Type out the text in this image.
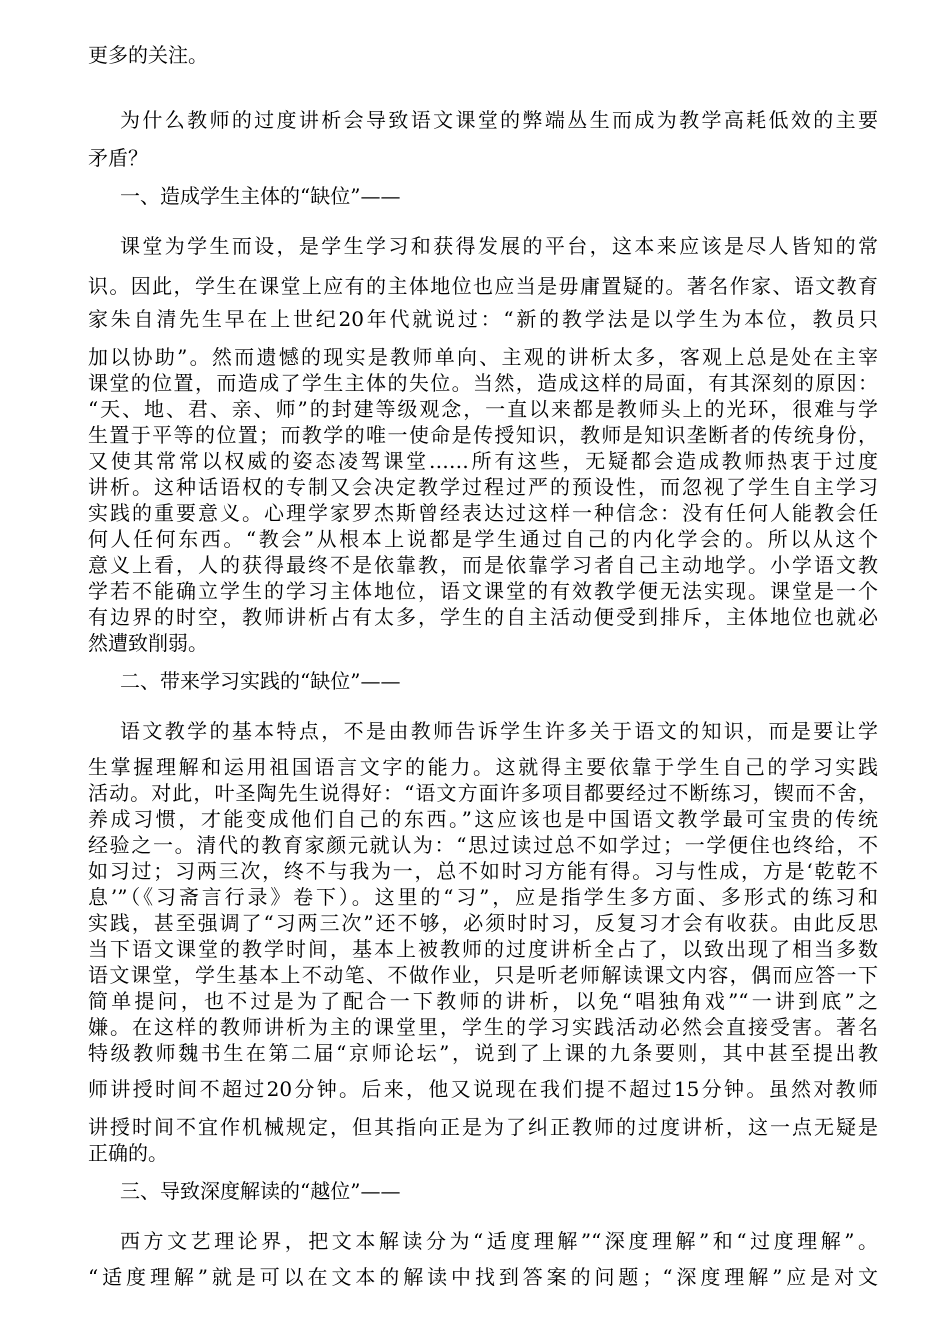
更多的关注。
为什么教师的过度讲析会导致语文课堂的弊端丛生而成为教学高耗低效的主要
矛盾？
一、造成学生主体的“缺位”——
课堂为学生而设，是学生学习和获得发展的平台，这本来应该是尽人皆知的常
识。因此，学生在课堂上应有的主体地位也应当是毋庸置疑的。著名作家、语文教育
家朱自清先生早在上世纪20年代就说过：“新的教学法是以学生为本位，教员只
加以协助”。然而遗憾的现实是教师单向、主观的讲析太多，客观上总是处在主宰
课堂的位置，而造成了学生主体的失位。当然，造成这样的局面，有其深刻的原因：
“天、地、君、亲、师”的封建等级观念，一直以来都是教师头上的光环，很难与学
生置于平等的位置；而教学的唯一使命是传授知识，教师是知识垄断者的传统身份，
又使其常常以权威的姿态凌驾课堂……所有这些，无疑都会造成教师热衷于过度
讲析。这种话语权的专制又会决定教学过程过严的预设性，而忽视了学生自主学习
实践的重要意义。心理学家罗杰斯曾经表达过这样一种信念：没有任何人能教会任
何人任何东西。“教会”从根本上说都是学生通过自己的内化学会的。所以从这个
意义上看，人的获得最终不是依靠教，而是依靠学习者自己主动地学。小学语文教
学若不能确立学生的学习主体地位，语文课堂的有效教学便无法实现。课堂是一个
有边界的时空，教师讲析占有太多，学生的自主活动便受到排斥，主体地位也就必
然遭致削弱。
二、带来学习实践的“缺位”——
语文教学的基本特点，不是由教师告诉学生许多关于语文的知识，而是要让学
生掌握理解和运用祖国语言文字的能力。这就得主要依靠于学生自己的学习实践
活动。对此，叶圣陶先生说得好：“语文方面许多项目都要经过不断练习，锲而不舍，
养成习惯，才能变成他们自己的东西。”这应该也是中国语文教学最可宝贵的传统
经验之一。清代的教育家颜元就认为：“思过读过总不如学过；一学便住也终给，不
如习过；习两三次，终不与我为一，总不如时习方能有得。习与性成，方是‘乾乾不
息’”（《习斋言行录》卷下）。这里的“习”，应是指学生多方面、多形式的练习和
实践，甚至强调了“习两三次”还不够，必须时时习，反复习才会有收获。由此反思
当下语文课堂的教学时间，基本上被教师的过度讲析全占了，以致出现了相当多数
语文课堂，学生基本上不动笔、不做作业，只是听老师解读课文内容，偶而应答一下
简单提问，也不过是为了配合一下教师的讲析，以免“唱独角戏”“一讲到底”之
嫌。在这样的教师讲析为主的课堂里，学生的学习实践活动必然会直接受害。著名
特级教师魏书生在第二届“京师论坛”，说到了上课的九条要则，其中甚至提出教
师讲授时间不超过20分钟。后来，他又说现在我们提不超过15分钟。虽然对教师
讲授时间不宜作机械规定，但其指向正是为了纠正教师的过度讲析，这一点无疑是
正确的。
三、导致深度解读的“越位”——
西方文艺理论界，把文本解读分为“适度理解”“深度理解”和“过度理解”。
“适度理解”就是可以在文本的解读中找到答案的问题；“深度理解”应是对文
